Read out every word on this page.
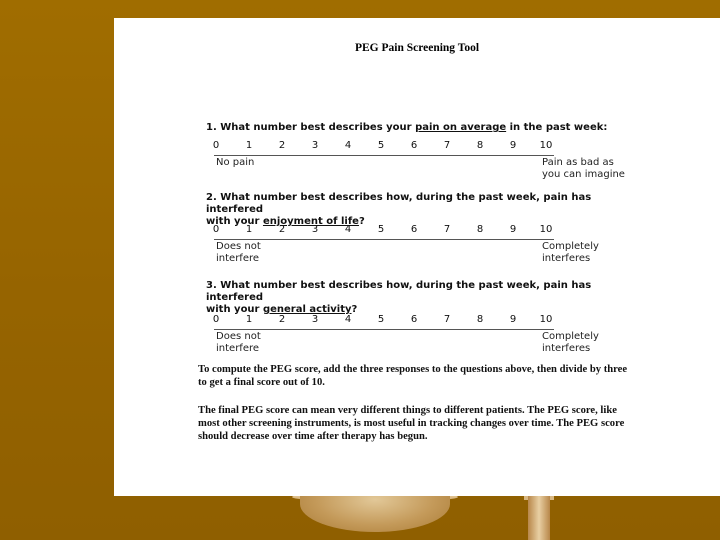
PEG Pain Screening Tool
1. What number best describes your pain on average in the past week:
0	1	2	3	4	5	6	7	8	9	10
No pain	Pain as bad as
you can imagine
2. What number best describes how, during the past week, pain has interfered
with your enjoyment of life?
0	1	2	3	4	5	6	7	8	9	10
Does not
interfere
Completely
interferes
3. What number best describes how, during the past week, pain has interfered
with your general activity?
0	1	2	3	4	5	6	7	8	9	10
Does not
interfere
Completely
interferes
To compute the PEG score, add the three responses to the questions above, then divide by three to get a final score out of 10.
The final PEG score can mean very different things to different patients. The PEG score, like most other screening instruments, is most useful in tracking changes over time. The PEG score should decrease over time after therapy has begun.
